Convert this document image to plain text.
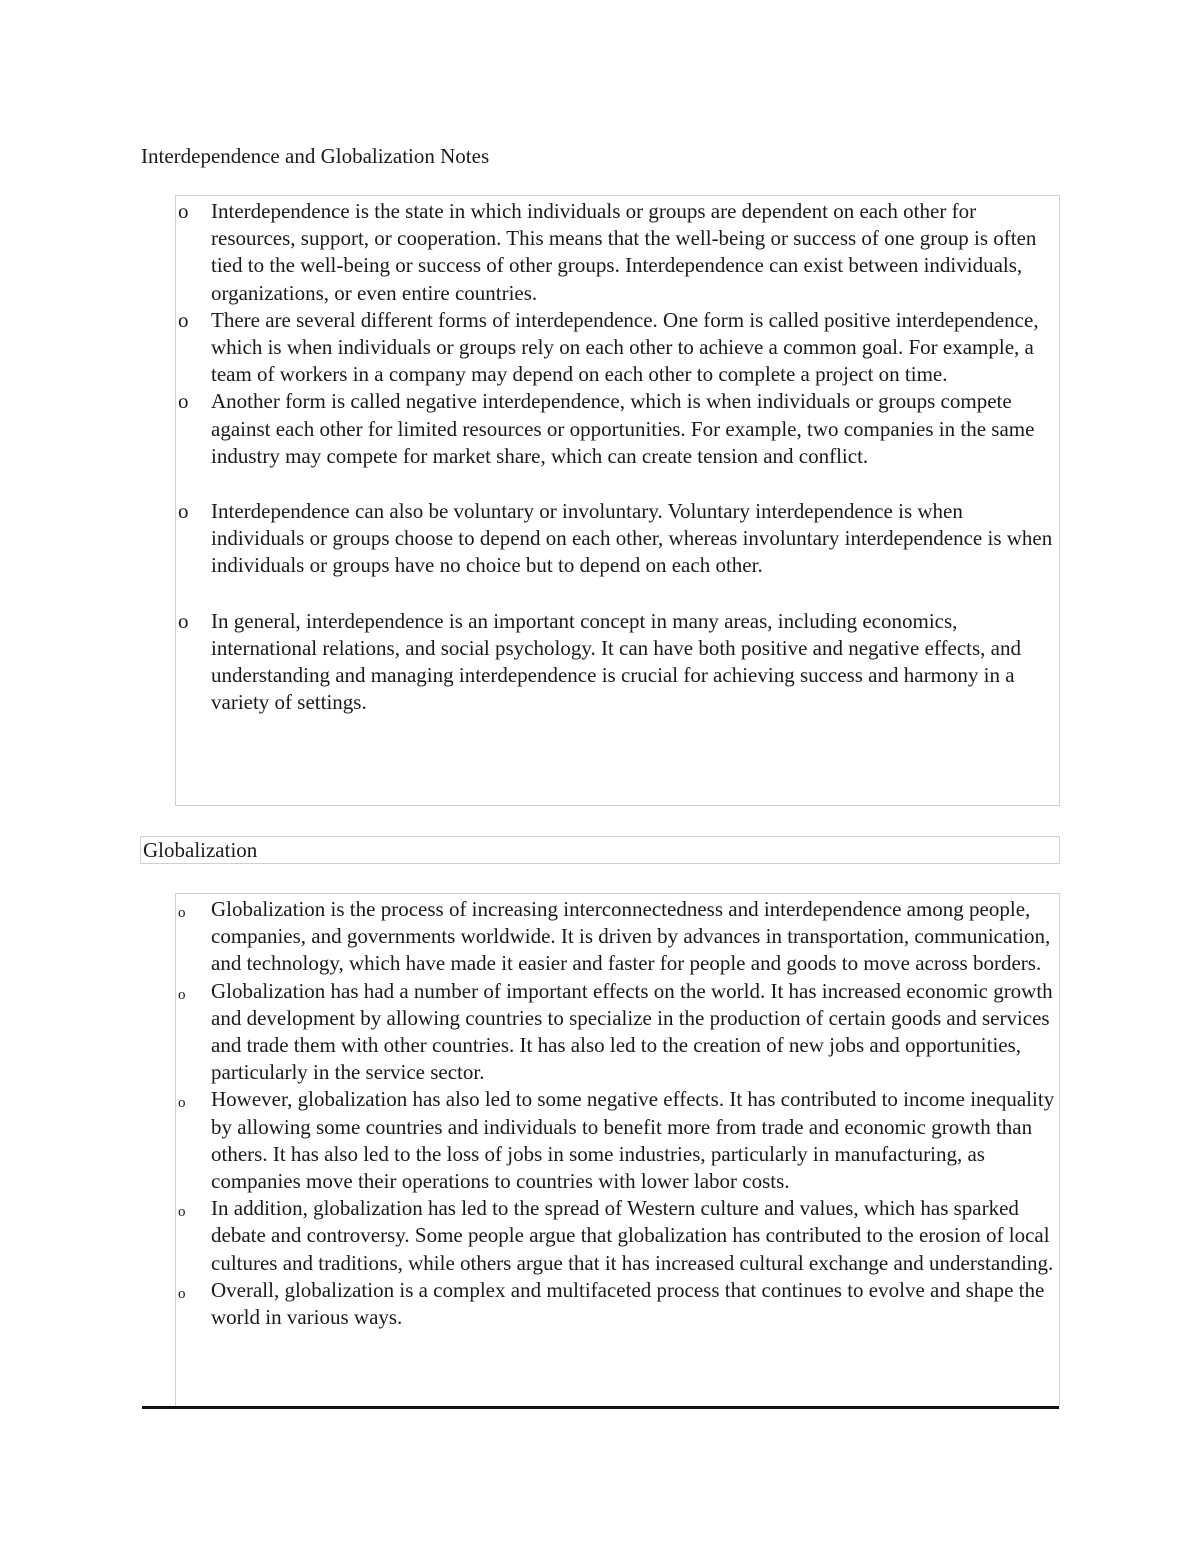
Interdependence and Globalization Notes
o Interdependence is the state in which individuals or groups are dependent on each other for resources, support, or cooperation. This means that the well-being or success of one group is often tied to the well-being or success of other groups. Interdependence can exist between individuals, organizations, or even entire countries.
o There are several different forms of interdependence. One form is called positive interdependence, which is when individuals or groups rely on each other to achieve a common goal. For example, a team of workers in a company may depend on each other to complete a project on time.
o Another form is called negative interdependence, which is when individuals or groups compete against each other for limited resources or opportunities. For example, two companies in the same industry may compete for market share, which can create tension and conflict.
o Interdependence can also be voluntary or involuntary. Voluntary interdependence is when individuals or groups choose to depend on each other, whereas involuntary interdependence is when individuals or groups have no choice but to depend on each other.
o In general, interdependence is an important concept in many areas, including economics, international relations, and social psychology. It can have both positive and negative effects, and understanding and managing interdependence is crucial for achieving success and harmony in a variety of settings.
Globalization
o Globalization is the process of increasing interconnectedness and interdependence among people, companies, and governments worldwide. It is driven by advances in transportation, communication, and technology, which have made it easier and faster for people and goods to move across borders.
o Globalization has had a number of important effects on the world. It has increased economic growth and development by allowing countries to specialize in the production of certain goods and services and trade them with other countries. It has also led to the creation of new jobs and opportunities, particularly in the service sector.
o However, globalization has also led to some negative effects. It has contributed to income inequality by allowing some countries and individuals to benefit more from trade and economic growth than others. It has also led to the loss of jobs in some industries, particularly in manufacturing, as companies move their operations to countries with lower labor costs.
o In addition, globalization has led to the spread of Western culture and values, which has sparked debate and controversy. Some people argue that globalization has contributed to the erosion of local cultures and traditions, while others argue that it has increased cultural exchange and understanding.
o Overall, globalization is a complex and multifaceted process that continues to evolve and shape the world in various ways.
